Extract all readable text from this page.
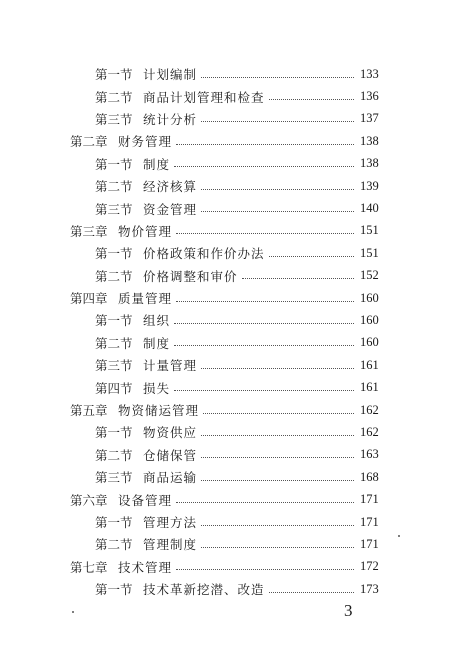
第一节 计划编制	133
第二节 商品计划管理和检查	136
第三节 统计分析	137
第二章 财务管理	138
第一节 制度	138
第二节 经济核算	139
第三节 资金管理	140
第三章 物价管理	151
第一节 价格政策和作价办法	151
第二节 价格调整和审价	152
第四章 质量管理	160
第一节 组织	160
第二节 制度	160
第三节 计量管理	161
第四节 损失	161
第五章 物资储运管理	162
第一节 物资供应	162
第二节 仓储保管	163
第三节 商品运输	168
第六章 设备管理	171
第一节 管理方法	171
第二节 管理制度	171
第七章 技术管理	172
第一节 技术革新挖潜、改造	173
3
